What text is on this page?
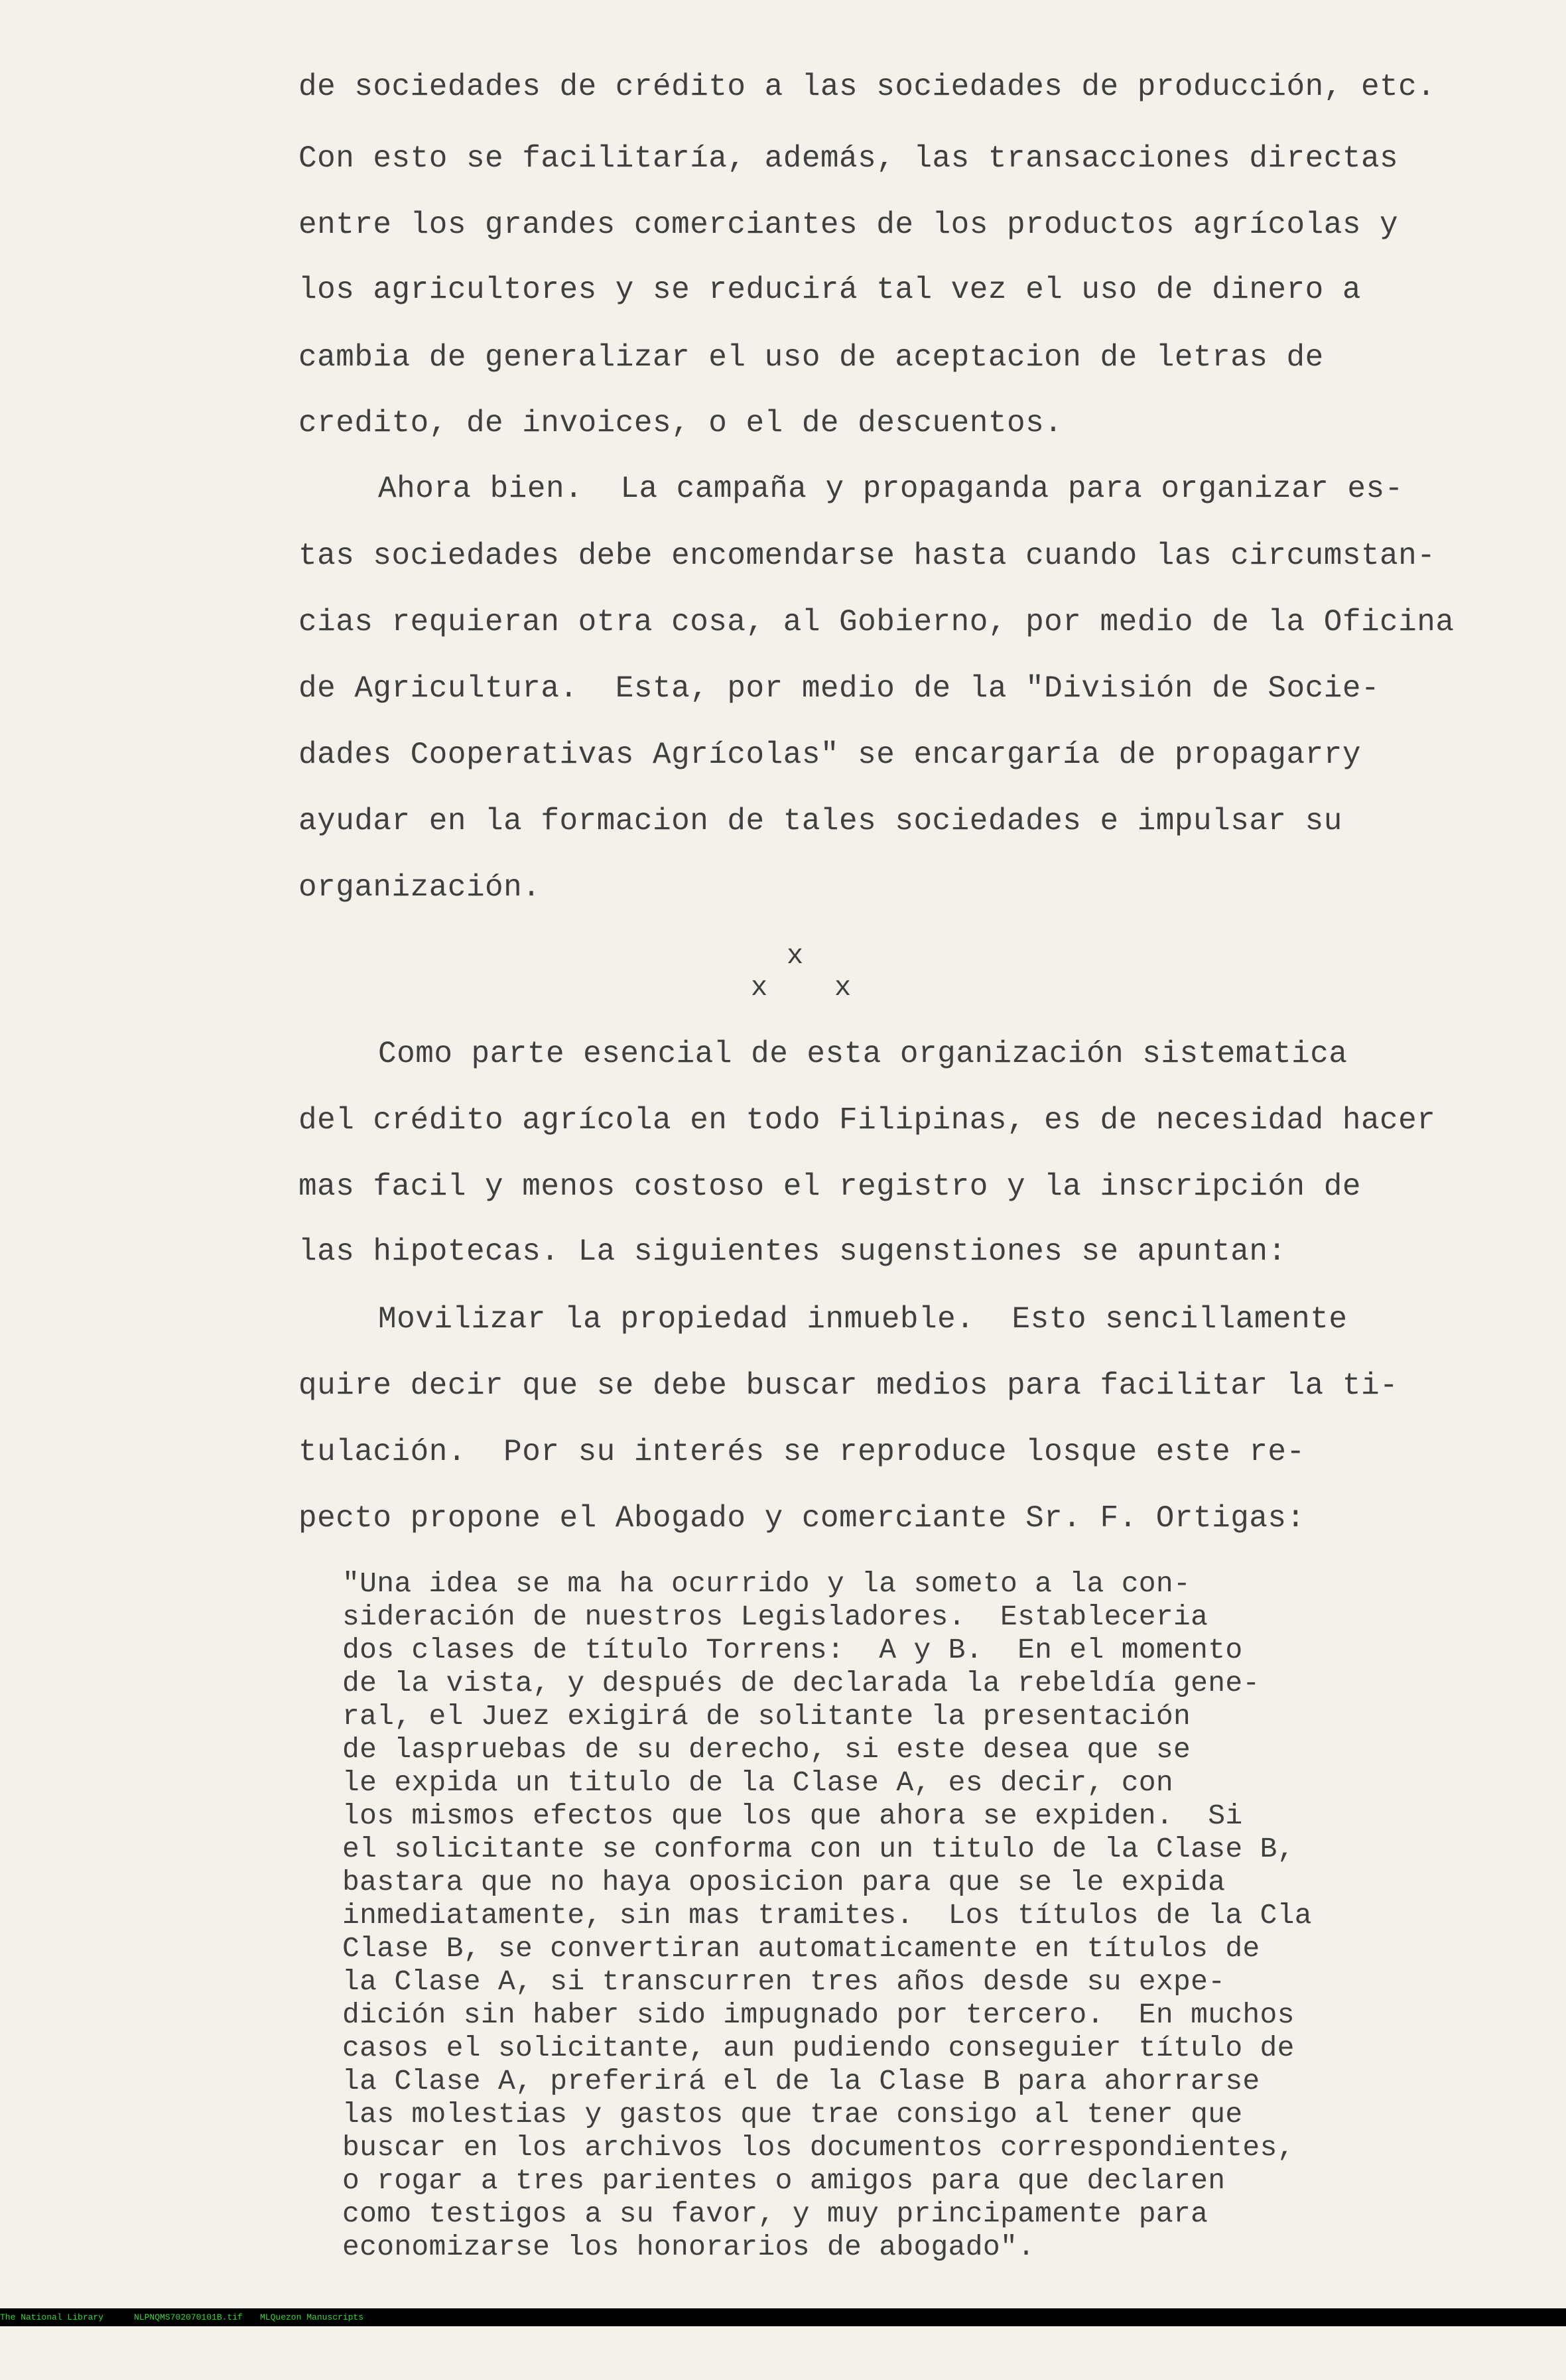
de sociedades de crédito a las sociedades de producción, etc.
Con esto se facilitaría, además, las transacciones directas
entre los grandes comerciantes de los productos agrícolas y
los agricultores y se reducirá tal vez el uso de dinero a
cambia de generalizar el uso de aceptacion de letras de
credito, de invoices, o el de descuentos.
Ahora bien.  La campaña y propaganda para organizar es-
tas sociedades debe encomendarse hasta cuando las circumstan-
cias requieran otra cosa, al Gobierno, por medio de la Oficina
de Agricultura.  Esta, por medio de la "División de Socie-
dades Cooperativas Agrícolas" se encargaría de propagarry
ayudar en la formacion de tales sociedades e impulsar su
organización.
x
x    x
Como parte esencial de esta organización sistematica
del crédito agrícola en todo Filipinas, es de necesidad hacer
mas facil y menos costoso el registro y la inscripción de
las hipotecas. La siguientes sugenstiones se apuntan:
Movilizar la propiedad inmueble.  Esto sencillamente
quire decir que se debe buscar medios para facilitar la ti-
tulación.  Por su interés se reproduce losque este re-
pecto propone el Abogado y comerciante Sr. F. Ortigas:
"Una idea se ma ha ocurrido y la someto a la con-
sideración de nuestros Legisladores.  Estableceria
dos clases de título Torrens:  A y B.  En el momento
de la vista, y después de declarada la rebeldía gene-
ral, el Juez exigirá de solitante la presentación
de laspruebas de su derecho, si este desea que se
le expida un titulo de la Clase A, es decir, con
los mismos efectos que los que ahora se expiden.  Si
el solicitante se conforma con un titulo de la Clase B,
bastara que no haya oposicion para que se le expida
inmediatamente, sin mas tramites.  Los títulos de la Cla
Clase B, se convertiran automaticamente en títulos de
la Clase A, si transcurren tres años desde su expe-
dición sin haber sido impugnado por tercero.  En muchos
casos el solicitante, aun pudiendo conseguier título de
la Clase A, preferirá el de la Clase B para ahorrarse
las molestias y gastos que trae consigo al tener que
buscar en los archivos los documentos correspondientes,
o rogar a tres parientes o amigos para que declaren
como testigos a su favor, y muy principamente para
economizarse los honorarios de abogado".

The National Library

	NLPNQMS702070101B.tif

MLQuezon Manuscripts
